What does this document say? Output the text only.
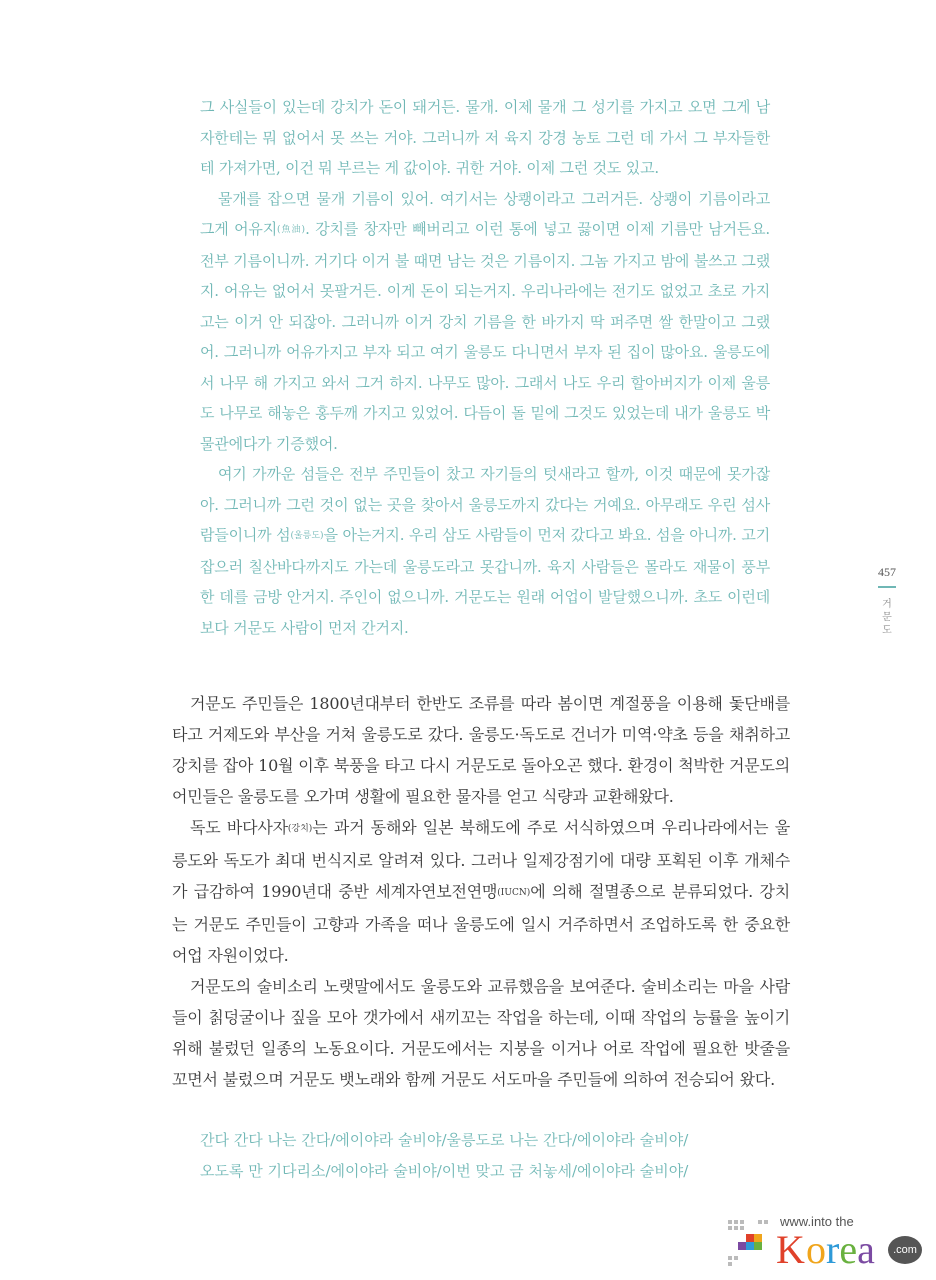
그 사실들이 있는데 강치가 돈이 돼거든. 물개. 이제 물개 그 성기를 가지고 오면 그게 남자한테는 뭐 없어서 못 쓰는 거야. 그러니까 저 육지 강경 농토 그런 데 가서 그 부자들한테 가져가면, 이건 뭐 부르는 게 값이야. 귀한 거야. 이제 그런 것도 있고.

물개를 잡으면 물개 기름이 있어. 여기서는 상쾡이라고 그러거든. 상쾡이 기름이라고 그게 어유지(魚油). 강치를 창자만 빼버리고 이런 통에 넣고 끓이면 이제 기름만 남거든요. 전부 기름이니까. 거기다 이거 불 때면 남는 것은 기름이지. 그놈 가지고 밤에 불쓰고 그랬지. 어유는 없어서 못팔거든. 이게 돈이 되는거지. 우리나라에는 전기도 없었고 초로 가지고는 이거 안 되잖아. 그러니까 이거 강치 기름을 한 바가지 딱 퍼주면 쌀 한말이고 그랬어. 그러니까 어유가지고 부자 되고 여기 울릉도 다니면서 부자 된 집이 많아요. 울릉도에서 나무 해 가지고 와서 그거 하지. 나무도 많아. 그래서 나도 우리 할아버지가 이제 울릉도 나무로 해놓은 홍두깨 가지고 있었어. 다듬이 돌 밑에 그것도 있었는데 내가 울릉도 박물관에다가 기증했어.

여기 가까운 섬들은 전부 주민들이 찼고 자기들의 텃새라고 할까, 이것 때문에 못가잖아. 그러니까 그런 것이 없는 곳을 찾아서 울릉도까지 갔다는 거예요. 아무래도 우린 섬사람들이니까 섬(울릉도)을 아는거지. 우리 삼도 사람들이 먼저 갔다고 봐요. 섬을 아니까. 고기잡으러 칠산바다까지도 가는데 울릉도라고 못갑니까. 육지 사람들은 몰라도 재물이 풍부한 데를 금방 안거지. 주인이 없으니까. 거문도는 원래 어업이 발달했으니까. 초도 이런데보다 거문도 사람이 먼저 간거지.

거문도 주민들은 1800년대부터 한반도 조류를 따라 봄이면 계절풍을 이용해 돛단배를 타고 거제도와 부산을 거쳐 울릉도로 갔다. 울릉도·독도로 건너가 미역·약초 등을 채취하고 강치를 잡아 10월 이후 북풍을 타고 다시 거문도로 돌아오곤 했다. 환경이 척박한 거문도의 어민들은 울릉도를 오가며 생활에 필요한 물자를 얻고 식량과 교환해왔다.

독도 바다사자(강치)는 과거 동해와 일본 북해도에 주로 서식하였으며 우리나라에서는 울릉도와 독도가 최대 번식지로 알려져 있다. 그러나 일제강점기에 대량 포획된 이후 개체수가 급감하여 1990년대 중반 세계자연보전연맹(IUCN)에 의해 절멸종으로 분류되었다. 강치는 거문도 주민들이 고향과 가족을 떠나 울릉도에 일시 거주하면서 조업하도록 한 중요한 어업 자원이었다.

거문도의 술비소리 노랫말에서도 울릉도와 교류했음을 보여준다. 술비소리는 마을 사람들이 칡덩굴이나 짚을 모아 갯가에서 새끼꼬는 작업을 하는데, 이때 작업의 능률을 높이기 위해 불렀던 일종의 노동요이다. 거문도에서는 지붕을 이거나 어로 작업에 필요한 밧줄을 꼬면서 불렀으며 거문도 뱃노래와 함께 거문도 서도마을 주민들에 의하여 전승되어 왔다.

간다 간다 나는 간다/에이야라 술비야/울릉도로 나는 간다/에이야라 술비야/

오도록 만 기다리소/에이야라 술비야/이번 맞고 금 처놓세/에이야라 술비야/

457
거문도
www.into the
K orea	.com
